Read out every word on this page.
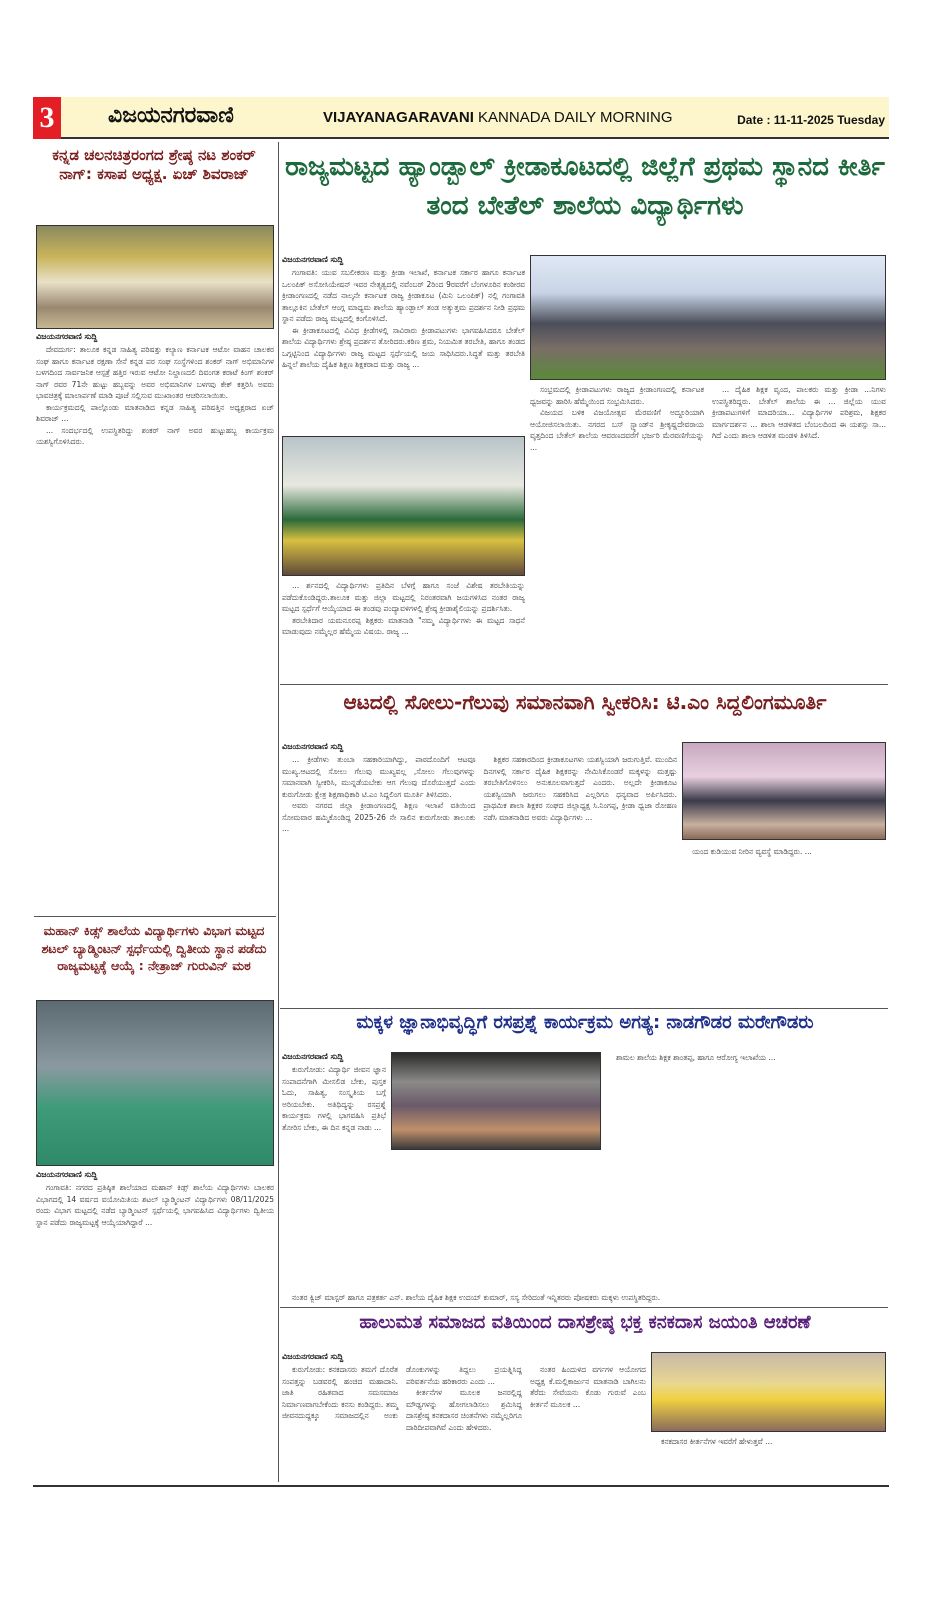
3 ವಿಜಯನಗರವಾಣಿ	VIJAYANAGARAVANI KANNADA DAILY MORNING	Date : 11-11-2025 Tuesday
ಕನ್ನಡ ಚಲನಚಿತ್ರರಂಗದ ಶ್ರೇಷ್ಠ ನಟ ಶಂಕರ್ ನಾಗ್: ಕಸಾಪ ಅಧ್ಯಕ್ಷ. ಏಚ್ ಶಿವರಾಜ್
ವಿಜಯನಗರವಾಣಿ ಸುದ್ದಿ

ದೇವದುರ್ಗ: ತಾಲೂಕ ಕನ್ನಡ ಸಾಹಿತ್ಯ ಪರಿಷತ್ತು ಕಲ್ಯಾಣ ಕರ್ನಾಟಕ ಆಟೋ ವಾಹನ ಚಾಲಕರ ಸಂಘ ಹಾಗೂ ಕರ್ನಾಟಕ ರಕ್ಷಣಾ ಸೇನೆ ಕನ್ನಡ ಪರ ಸಂಘ ಸಂಸ್ಥೆಗಳಿಂದ ಶಂಕರ್ ನಾಗ್ ಅಭಿಮಾನಿಗಳ ಬಳಗದಿಂದ ಸಾರ್ವಜನಿಕ ಆಸ್ಪತ್ರೆ ಹತ್ತಿರ ಇರುವ ಆಟೋ ನಿಲ್ದಾಣದಲಿ ದಿವಂಗತ ಕರಾಟೆ ಕಿಂಗ್ ಶಂಕರ್ ನಾಗ್ ರವರ 71ನೇ ಹುಟ್ಟು ಹಬ್ಬವನ್ನು ಅವರ ಅಭಿಮಾನಿಗಳ ಬಳಗವು ಕೇಕ್ ಕತ್ತರಿಸಿ ಅವರು ಭಾವಚಿತ್ರಕ್ಕೆ ಮಾಲಾರ್ಪಣೆ ಮಾಡಿ ಪೂಜೆ ಸಲ್ಲಿಸುವ ಮುಖಾಂತರ ಆಚರಿಸಲಾಯಿತು.

ಕಾರ್ಯಕ್ರಮದಲ್ಲಿ ಪಾಲ್ಗೊಂಡು ಮಾತನಾಡಿದ ಕನ್ನಡ ಸಾಹಿತ್ಯ ಪರಿಷತ್ತಿನ ಅಧ್ಯಕ್ಷರಾದ ಏಚ್ ಶಿವರಾಜ್ ...

... ಸಂದರ್ಭದಲ್ಲಿ ಉಪಸ್ಥಿತರಿದ್ದು ಶಂಕರ್ ನಾಗ್ ಅವರ ಹುಟ್ಟುಹಬ್ಬ ಕಾರ್ಯಕ್ರಮ ಯಶಸ್ವಿಗೊಳಿಸಿದರು.

ಮಹಾನ್ ಕಿಡ್ಸ್ ಶಾಲೆಯ ವಿದ್ಯಾರ್ಥಿಗಳು ವಿಭಾಗ ಮಟ್ಟದ ಶಟಲ್ ಬ್ಯಾಡ್ಮಿಂಟನ್ ಸ್ಪರ್ಧೆಯಲ್ಲಿ ದ್ವಿತೀಯ ಸ್ಥಾನ ಪಡೆದು ರಾಜ್ಯಮಟ್ಟಕ್ಕೆ ಆಯ್ಕೆ : ನೇತ್ರಾಜ್ ಗುರುವಿನ್ ಮಠ
ವಿಜಯನಗರವಾಣಿ ಸುದ್ದಿ

ಗಂಗಾವತಿ: ನಗರದ ಪ್ರತಿಷ್ಠಿತ ಶಾಲೆಯಾದ ಮಹಾನ್ ಕಿಡ್ಸ್ ಶಾಲೆಯ ವಿದ್ಯಾರ್ಥಿಗಳು ಬಾಲಕರ ವಿಭಾಗದಲ್ಲಿ 14 ವರ್ಷದ ವಯೋಮಿತಿಯ ಶಟಲ್ ಬ್ಯಾಡ್ಮಿಂಟನ್ ವಿದ್ಯಾರ್ಥಿಗಳು 08/11/2025 ರಂದು ವಿಭಾಗ ಮಟ್ಟದಲ್ಲಿ ನಡೆದ ಬ್ಯಾಡ್ಮಿಂಟನ್ ಸ್ಪರ್ಧೆಯಲ್ಲಿ ಭಾಗವಹಿಸಿದ ವಿದ್ಯಾರ್ಥಿಗಳು ದ್ವಿತೀಯ ಸ್ಥಾನ ಪಡೆದು ರಾಜ್ಯಮಟ್ಟಕ್ಕೆ ಆಯ್ಕೆಯಾಗಿದ್ದಾರೆ ...

ರಾಜ್ಯಮಟ್ಟದ ಹ್ಯಾಂಡ್ಬಾಲ್ ಕ್ರೀಡಾಕೂಟದಲ್ಲಿ ಜಿಲ್ಲೆಗೆ ಪ್ರಥಮ ಸ್ಥಾನದ ಕೀರ್ತಿ ತಂದ ಬೇತೆಲ್ ಶಾಲೆಯ ವಿದ್ಯಾರ್ಥಿಗಳು
ವಿಜಯನಗರವಾಣಿ ಸುದ್ದಿ

ಗಂಗಾವತಿ: ಯುವ ಸಬಲೀಕರಣ ಮತ್ತು ಕ್ರೀಡಾ ಇಲಾಖೆ, ಕರ್ನಾಟಕ ಸರ್ಕಾರ ಹಾಗೂ ಕರ್ನಾಟಕ ಒಲಂಪಿಕ್ ಅಸೋಸಿಯೇಷನ್ ಇವರ ನೇತೃತ್ವದಲ್ಲಿ ನವೆಂಬರ್ 2ರಿಂದ 9ರವರೆಗೆ ಬೆಂಗಳೂರಿನ ಕಂಠೀರವ ಕ್ರೀಡಾಂಗಣದಲ್ಲಿ ನಡೆದ ನಾಲ್ಕನೇ ಕರ್ನಾಟಕ ರಾಜ್ಯ ಕ್ರೀಡಾಕೂಟ (ಮಿನಿ ಒಲಂಪಿಕ್) ನಲ್ಲಿ ಗಂಗಾವತಿ ತಾಲ್ಲೂಕಿನ ಬೇತೆಲ್ ಆಂಗ್ಲ ಮಾಧ್ಯಮ ಶಾಲೆಯ ಹ್ಯಾಂಡ್ಬಾಲ್ ತಂಡ ಅತ್ಯುತ್ತಮ ಪ್ರದರ್ಶನ ನೀಡಿ ಪ್ರಥಮ ಸ್ಥಾನ ಪಡೆದು ರಾಜ್ಯ ಮಟ್ಟದಲ್ಲಿ ಕಂಗೊಳಿಸಿದೆ.

ಈ ಕ್ರೀಡಾಕೂಟದಲ್ಲಿ ವಿವಿಧ ಕ್ರೀಡೆಗಳಲ್ಲಿ ಸಾವಿರಾರು ಕ್ರೀಡಾಪಟುಗಳು ಭಾಗವಹಿಸಿದರೂ ಬೇತೆಲ್ ಶಾಲೆಯ ವಿದ್ಯಾರ್ಥಿಗಳು ಶ್ರೇಷ್ಠ ಪ್ರದರ್ಶನ ತೋರಿದರು.ಕಠಿಣ ಶ್ರಮ, ನಿಯಮಿತ ತರಬೇತಿ, ಹಾಗೂ ತಂಡದ ಒಗ್ಗಟ್ಟಿನಿಂದ ವಿದ್ಯಾರ್ಥಿಗಳು ರಾಜ್ಯ ಮಟ್ಟದ ಸ್ಪರ್ಧೆಯಲ್ಲಿ ಜಯ ಸಾಧಿಸಿದರು.ಸಿದ್ಧತೆ ಮತ್ತು ತರಬೇತಿ ಹಿನ್ನಲೆ ಶಾಲೆಯ ದೈಹಿಕ ಶಿಕ್ಷಣ ಶಿಕ್ಷಕರಾದ ಮತ್ತು ರಾಜ್ಯ ...

ಸಂಭ್ರಮದಲ್ಲಿ ಕ್ರೀಡಾಪಟುಗಳು ರಾಜ್ಯದ ಕ್ರೀಡಾಂಗಣದಲ್ಲಿ ಕರ್ನಾಟಕ ಧ್ವಜವನ್ನು ಹಾರಿಸಿ ಹೆಮ್ಮೆಯಿಂದ ಸಂಭ್ರಮಿಸಿದರು.

ವಿಜಯದ ಬಳಿಕ ವಿಜಯೋತ್ಸವ ಮೆರವಣಿಗೆ ಅದ್ದೂರಿಯಾಗಿ ಆಯೋಜಿಸಲಾಯಿತು. ನಗರದ ಬಸ್ ಸ್ಟ್ಯಾಂಡ್‌ನ ಶ್ರೀಕೃಷ್ಣದೇವರಾಯ ವೃತ್ತದಿಂದ ಬೇತೆಲ್ ಶಾಲೆಯ ಆವರಣದವರೆಗೆ ಭರ್ಜರಿ ಮೆರವಣಿಗೆಯನ್ನು ...

... ದೈಹಿಕ ಶಿಕ್ಷಕ ವೃಂದ, ಪಾಲಕರು ಮತ್ತು ಕ್ರೀಡಾ ...ನಿಗಳು ಉಪಸ್ಥಿತರಿದ್ದರು. ಬೇತೆಲ್ ಶಾಲೆಯ ಈ ... ಜಿಲ್ಲೆಯ ಯುವ ಕ್ರೀಡಾಪಟುಗಳಿಗೆ ಮಾದರಿಯಾ... ವಿದ್ಯಾರ್ಥಿಗಳ ಪರಿಶ್ರಮ, ಶಿಕ್ಷಕರ ಮಾರ್ಗದರ್ಶನ ... ಶಾಲಾ ಆಡಳಿತದ ಬೆಂಬಲದಿಂದ ಈ ಯಶಸ್ಸು ಸಾ... ಗಿದೆ ಎಂದು ಶಾಲಾ ಆಡಳಿತ ಮಂಡಳಿ ತಿಳಿಸಿದೆ.

... ರ್ಶನದಲ್ಲಿ ವಿದ್ಯಾರ್ಥಿಗಳು ಪ್ರತಿದಿನ ಬೆಳಗ್ಗೆ ಹಾಗೂ ಸಂಜೆ ವಿಶೇಷ ತರಬೇತಿಯನ್ನು ಪಡೆದುಕೊಂಡಿದ್ದರು.ತಾಲೂಕ ಮತ್ತು ಜಿಲ್ಲಾ ಮಟ್ಟದಲ್ಲಿ ನಿರಂತರವಾಗಿ ಜಯಗಳಿಸಿದ ನಂತರ ರಾಜ್ಯ ಮಟ್ಟದ ಸ್ಪರ್ಧೆಗೆ ಆಯ್ಕೆಯಾದ ಈ ತಂಡವು ಪಂದ್ಯಾವಳಿಗಳಲ್ಲಿ ಶ್ರೇಷ್ಠ ಕ್ರೀಡಾಶೈಲಿಯನ್ನು ಪ್ರದರ್ಶಿಸಿತು.

ತರಬೇತಿದಾರ ಯಮನೂರಪ್ಪ ಶಿಕ್ಷಕರು ಮಾತನಾಡಿ "ನಮ್ಮ ವಿದ್ಯಾರ್ಥಿಗಳು ಈ ಮಟ್ಟದ ಸಾಧನೆ ಮಾಡುವುದು ನಮ್ಮೆಲ್ಲರ ಹೆಮ್ಮೆಯ ವಿಷಯ. ರಾಜ್ಯ ...

ಆಟದಲ್ಲಿ ಸೋಲು-ಗೆಲುವು ಸಮಾನವಾಗಿ ಸ್ವೀಕರಿಸಿ: ಟಿ.ಎಂ ಸಿದ್ದಲಿಂಗಮೂರ್ತಿ
ವಿಜಯನಗರವಾಣಿ ಸುದ್ದಿ

... ಕ್ರೀಡೆಗಳು ತುಂಬಾ ಸಹಕಾರಿಯಾಗಿದ್ದು, ಪಾಠದೊಂದಿಗೆ ಆಟವೂ ಮುಖ್ಯ.ಆಟದಲ್ಲಿ ಸೋಲು ಗೆಲುವು ಮುಖ್ಯವಲ್ಲ ,ಸೋಲು ಗೆಲುವುಗಳನ್ನು ಸಮಾನವಾಗಿ ಸ್ವೀಕರಿಸಿ, ಮುನ್ನಡೆಯಬೇಕು ಆಗ ಗೆಲುವು ದೊರೆಯುತ್ತದೆ ಎಂದು ಕುರುಗೋಡು ಕ್ಷೇತ್ರ ಶಿಕ್ಷಣಾಧಿಕಾರಿ ಟಿ.ಎಂ ಸಿದ್ದಲಿಂಗ ಮೂರ್ತಿ ತಿಳಿಸಿದರು.

ಅವರು ನಗರದ ಜಿಲ್ಲಾ ಕ್ರೀಡಾಂಗಣದಲ್ಲಿ ಶಿಕ್ಷಣ ಇಲಾಖೆ ವತಿಯಿಂದ ಸೋಮವಾರ ಹಮ್ಮಿಕೊಂಡಿದ್ದ 2025-26 ನೇ ಸಾಲಿನ ಕುರುಗೋಡು ತಾಲೂಕು ...

ಶಿಕ್ಷಕರ ಸಹಕಾರದಿಂದ ಕ್ರೀಡಾಕೂಟಗಳು ಯಶಸ್ವಿಯಾಗಿ ಜರುಗುತ್ತಿವೆ. ಮುಂದಿನ ದಿನಗಳಲ್ಲಿ ಸರ್ಕಾರ ದೈಹಿಕ ಶಿಕ್ಷಕರನ್ನು ನೇಮಿಸಿಕೊಂಡರೆ ಮಕ್ಕಳನ್ನು ಮತ್ತಷ್ಟು ತರಬೇತಿಗೊಳಿಸಲು ಅನುಕೂಲವಾಗುತ್ತದೆ ಎಂದರು. ಅಲ್ಲದೇ ಕ್ರೀಡಾಕೂಟ ಯಶಸ್ವಿಯಾಗಿ ಜರುಗಲು ಸಹಕರಿಸಿದ ಎಲ್ಲರಿಗೂ ಧನ್ಯವಾದ ಅರ್ಪಿಸಿದರು. ಪ್ರಾಥಮಿಕ ಶಾಲಾ ಶಿಕ್ಷಕರ ಸಂಘದ ಜಿಲ್ಲಾಧ್ಯಕ್ಷ ಸಿ.ನಿಂಗಪ್ಪ, ಕ್ರೀಡಾ ಧ್ವಜಾ ರೋಹಣ ನಡೆಸಿ ಮಾತನಾಡಿದ ಅವರು ವಿದ್ಯಾರ್ಥಿಗಳು ...

ಯಂದ ಕುಡಿಯುವ ನೀರಿನ ವ್ಯವಸ್ಥೆ ಮಾಡಿದ್ದರು. ...

ಮಕ್ಕಳ ಜ್ಞಾನಾಭಿವೃದ್ಧಿಗೆ ರಸಪ್ರಶ್ನೆ ಕಾರ್ಯಕ್ರಮ ಅಗತ್ಯ: ನಾಡಗೌಡರ ಮರೇಗೌಡರು
ವಿಜಯನಗರವಾಣಿ ಸುದ್ದಿ

ಕುರುಗೋಡು: ವಿದ್ಯಾರ್ಥಿ ಜೀವನ ಜ್ಞಾನ ಸಂಪಾದನೆಗಾಗಿ ಮೀಸಲಿಡ ಬೇಕು, ಪುಸ್ತಕ ಓದು, ಸಾಹಿತ್ಯ, ಸಂಸ್ಕೃತಿಯ ಬಗ್ಗೆ ಅರಿಯಬೇಕು. ಅತಿಥಿದ್ಯನ್ನು ರಸಪ್ರಶ್ನೆ ಕಾರ್ಯಕ್ರಮ ಗಳಲ್ಲಿ ಭಾಗವಹಿಸಿ ಪ್ರತಿಭೆ ತೋರಿಸ ಬೇಕು, ಈ ದಿನ ಕನ್ನಡ ನಾಡು ...

ಶಾಮಲ ಶಾಲೆಯ ಶಿಕ್ಷಕ ಶಾಂತಪ್ಪ, ಹಾಗೂ ಆರೋಗ್ಯ ಇಲಾಖೆಯ ...

ನಂತರ ಕ್ವಿಜ್ ಮಾಸ್ಟರ್ ಹಾಗೂ ಪತ್ರಕರ್ತ ಎನ್. ಶಾಲೆಯ ದೈಹಿಕ ಶಿಕ್ಷಕ ಉದಯ್ ಕುಮಾರ್, ಸಸ್ಯ ಸೇರಿದಂತೆ ಇನ್ನಿತರರು ಪೋಷಕರು ಮಕ್ಕಳು ಉಪಸ್ಥಿತರಿದ್ದರು.

ಹಾಲುಮತ ಸಮಾಜದ ವತಿಯಿಂದ ದಾಸಶ್ರೇಷ್ಠ ಭಕ್ತ ಕನಕದಾಸ ಜಯಂತಿ ಆಚರಣೆ
ವಿಜಯನಗರವಾಣಿ ಸುದ್ದಿ

ಕುರುಗೋಡು: ಕನಕದಾಸರು ತಮಗೆ ದೊರೆತ ಸಂಪತ್ತನ್ನು ಬಡವರಲ್ಲಿ ಹಂಚಿದ ಮಹಾದಾನಿ. ಜಾತಿ ರಹಿತವಾದ ಸಮಸಮಾಜ ನಿರ್ಮಾಣವಾಗಬೇಕೆಂದು ಕನಸು ಕಂಡಿದ್ದರು. ತಮ್ಮ ಜೀವನದುದ್ದಕ್ಕೂ ಸಮಾಜದಲ್ಲಿನ ಅಂಕು ಡೊಂಕುಗಳನ್ನು ತಿದ್ದಲು ಪ್ರಯತ್ನಿಸಿದ್ದ ಪರಿವರ್ತನೆಯ ಹರಿಕಾರರು ಎಂದು ...

ಕೀರ್ತನೆಗಳ ಮೂಲಕ ಜನರಲ್ಲಿದ್ದ ಮೌಢ್ಯಗಳನ್ನು ಹೋಗಲಾಡಿಸಲು ಶ್ರಮಿಸಿದ್ದ ದಾಸಶ್ರೇಷ್ಠ ಕನಕದಾಸರ ಚಿಂತನೆಗಳು ನಮ್ಮೆಲ್ಲರಿಗೂ ದಾರಿದೀಪವಾಗಿವೆ ಎಂದು ಹೇಳಿದರು.

ನಂತರ ಹಿಂದುಳಿದ ವರ್ಗಗಳ ಆಯೋಗದ ಅಧ್ಯಕ್ಷ ಕೆ.ಮಲ್ಲಿಕಾರ್ಜುನ ಮಾತನಾಡಿ ಬಾಗಿಲನು ತೆರೆದು ಸೇವೆಯನು ಕೊಡು ಗುರುವೆ ಎಂಬ ಕೀರ್ತನೆ ಮೂಲಕ ...

ಕನಕದಾಸರ ಕೀರ್ತನೆಗಳ ಇವರೆಗೆ ಹೇಳುತ್ತವೆ ...
